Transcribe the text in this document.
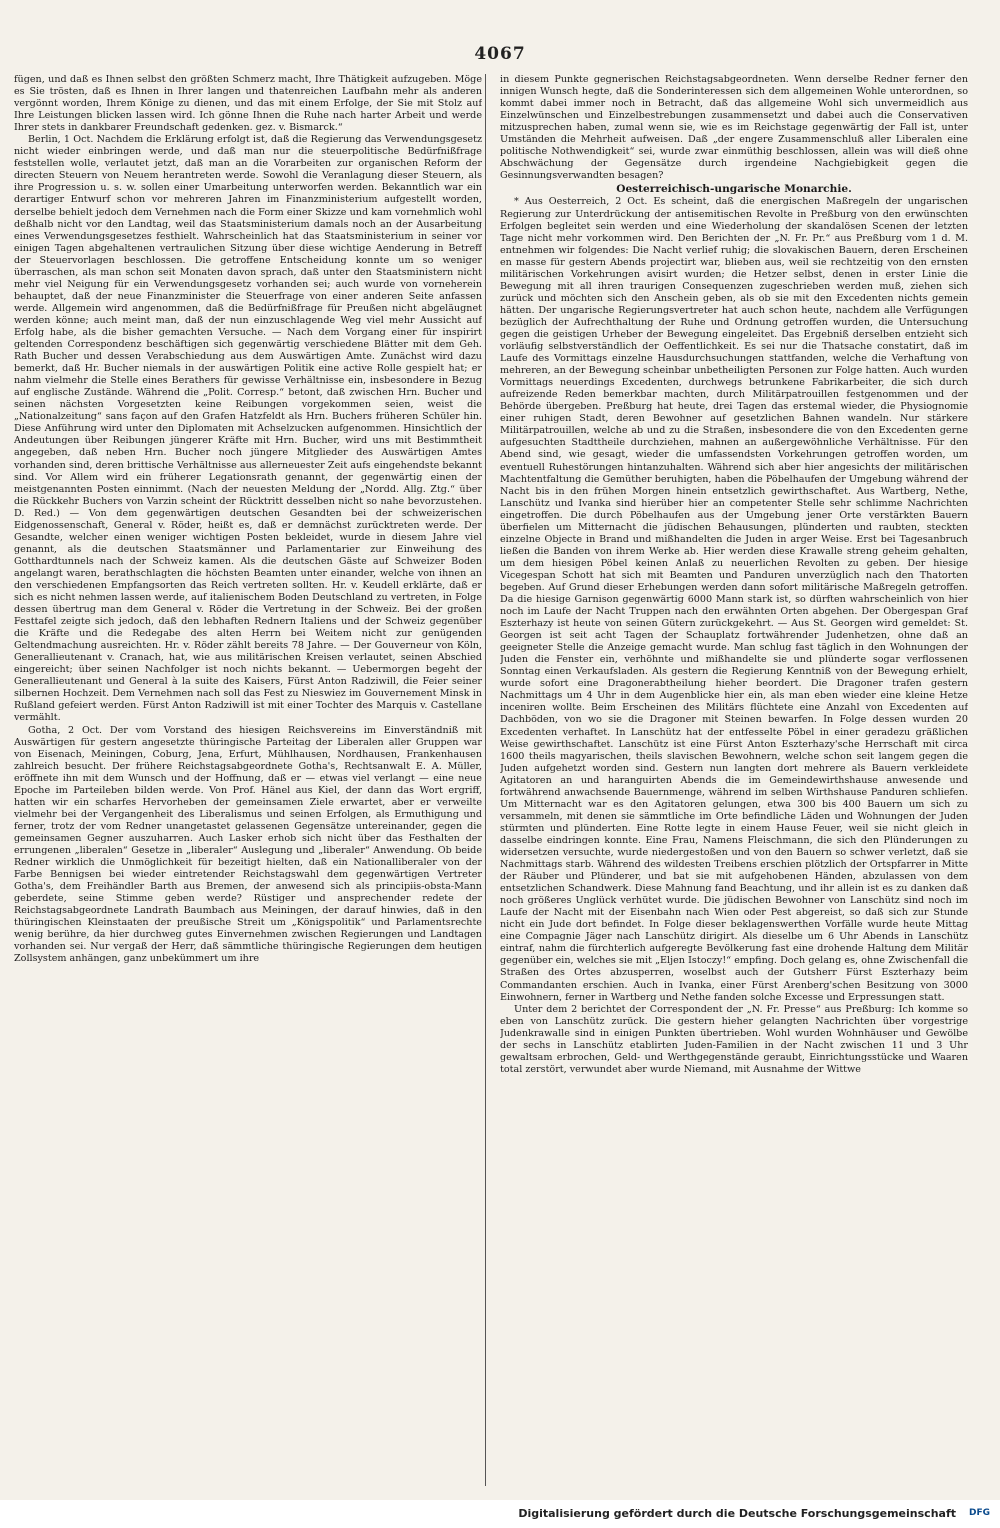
4067

fügen, und daß es Ihnen selbst den größten Schmerz macht, Ihre Thätigkeit aufzugeben. Möge es Sie trösten, daß es Ihnen in Ihrer langen und thatenreichen Laufbahn mehr als anderen vergönnt worden, Ihrem Könige zu dienen, und das mit einem Erfolge, der Sie mit Stolz auf Ihre Leistungen blicken lassen wird. Ich gönne Ihnen die Ruhe nach harter Arbeit und werde Ihrer stets in dankbarer Freundschaft gedenken. gez. v. Bismarck.“

Berlin, 1 Oct. Nachdem die Erklärung erfolgt ist, daß die Regierung das Verwendungsgesetz nicht wieder einbringen werde, und daß man nur die steuerpolitische Bedürfnißfrage feststellen wolle, verlautet jetzt, daß man an die Vorarbeiten zur organischen Reform der directen Steuern von Neuem herantreten werde. Sowohl die Veranlagung dieser Steuern, als ihre Progression u. s. w. sollen einer Umarbeitung unterworfen werden. Bekanntlich war ein derartiger Entwurf schon vor mehreren Jahren im Finanzministerium aufgestellt worden, derselbe behielt jedoch dem Vernehmen nach die Form einer Skizze und kam vornehmlich wohl deßhalb nicht vor den Landtag, weil das Staatsministerium damals noch an der Ausarbeitung eines Verwendungsgesetzes festhielt. Wahrscheinlich hat das Staatsministerium in seiner vor einigen Tagen abgehaltenen vertraulichen Sitzung über diese wichtige Aenderung in Betreff der Steuervorlagen beschlossen. Die getroffene Entscheidung konnte um so weniger überraschen, als man schon seit Monaten davon sprach, daß unter den Staatsministern nicht mehr viel Neigung für ein Verwendungsgesetz vorhanden sei; auch wurde von vorneherein behauptet, daß der neue Finanzminister die Steuerfrage von einer anderen Seite anfassen werde. Allgemein wird angenommen, daß die Bedürfnißfrage für Preußen nicht abgeläugnet werden könne; auch meint man, daß der nun einzuschlagende Weg viel mehr Aussicht auf Erfolg habe, als die bisher gemachten Versuche. — Nach dem Vorgang einer für inspirirt geltenden Correspondenz beschäftigen sich gegenwärtig verschiedene Blätter mit dem Geh. Rath Bucher und dessen Verabschiedung aus dem Auswärtigen Amte. Zunächst wird dazu bemerkt, daß Hr. Bucher niemals in der auswärtigen Politik eine active Rolle gespielt hat; er nahm vielmehr die Stelle eines Berathers für gewisse Verhältnisse ein, insbesondere in Bezug auf englische Zustände. Während die „Polit. Corresp.“ betont, daß zwischen Hrn. Bucher und seinen nächsten Vorgesetzten keine Reibungen vorgekommen seien, weist die „Nationalzeitung“ sans façon auf den Grafen Hatzfeldt als Hrn. Buchers früheren Schüler hin. Diese Anführung wird unter den Diplomaten mit Achselzucken aufgenommen. Hinsichtlich der Andeutungen über Reibungen jüngerer Kräfte mit Hrn. Bucher, wird uns mit Bestimmtheit angegeben, daß neben Hrn. Bucher noch jüngere Mitglieder des Auswärtigen Amtes vorhanden sind, deren brittische Verhältnisse aus allerneuester Zeit aufs eingehendste bekannt sind. Vor Allem wird ein früherer Legationsrath genannt, der gegenwärtig einen der meistgenannten Posten einnimmt. (Nach der neuesten Meldung der „Nordd. Allg. Ztg.“ über die Rückkehr Buchers von Varzin scheint der Rücktritt desselben nicht so nahe bevorzustehen. D. Red.) — Von dem gegenwärtigen deutschen Gesandten bei der schweizerischen Eidgenossenschaft, General v. Röder, heißt es, daß er demnächst zurücktreten werde. Der Gesandte, welcher einen weniger wichtigen Posten bekleidet, wurde in diesem Jahre viel genannt, als die deutschen Staatsmänner und Parlamentarier zur Einweihung des Gotthardtunnels nach der Schweiz kamen. Als die deutschen Gäste auf Schweizer Boden angelangt waren, berathschlagten die höchsten Beamten unter einander, welche von ihnen an den verschiedenen Empfangsorten das Reich vertreten sollten. Hr. v. Keudell erklärte, daß er sich es nicht nehmen lassen werde, auf italienischem Boden Deutschland zu vertreten, in Folge dessen übertrug man dem General v. Röder die Vertretung in der Schweiz. Bei der großen Festtafel zeigte sich jedoch, daß den lebhaften Rednern Italiens und der Schweiz gegenüber die Kräfte und die Redegabe des alten Herrn bei Weitem nicht zur genügenden Geltendmachung ausreichten. Hr. v. Röder zählt bereits 78 Jahre. — Der Gouverneur von Köln, Generallieutenant v. Cranach, hat, wie aus militärischen Kreisen verlautet, seinen Abschied eingereicht; über seinen Nachfolger ist noch nichts bekannt. — Uebermorgen begeht der Generallieutenant und General à la suite des Kaisers, Fürst Anton Radziwill, die Feier seiner silbernen Hochzeit. Dem Vernehmen nach soll das Fest zu Nieswiez im Gouvernement Minsk in Rußland gefeiert werden. Fürst Anton Radziwill ist mit einer Tochter des Marquis v. Castellane vermählt.

Gotha, 2 Oct. Der vom Vorstand des hiesigen Reichsvereins im Einverständniß mit Auswärtigen für gestern angesetzte thüringische Parteitag der Liberalen aller Gruppen war von Eisenach, Meiningen, Coburg, Jena, Erfurt, Mühlhausen, Nordhausen, Frankenhausen zahlreich besucht. Der frühere Reichstagsabgeordnete Gotha's, Rechtsanwalt E. A. Müller, eröffnete ihn mit dem Wunsch und der Hoffnung, daß er — etwas viel verlangt — eine neue Epoche im Parteileben bilden werde. Von Prof. Hänel aus Kiel, der dann das Wort ergriff, hatten wir ein scharfes Hervorheben der gemeinsamen Ziele erwartet, aber er verweilte vielmehr bei der Vergangenheit des Liberalismus und seinen Erfolgen, als Ermuthigung und ferner, trotz der vom Redner unangetastet gelassenen Gegensätze untereinander, gegen die gemeinsamen Gegner auszuharren. Auch Lasker erhob sich nicht über das Festhalten der errungenen „liberalen“ Gesetze in „liberaler“ Auslegung und „liberaler“ Anwendung. Ob beide Redner wirklich die Unmöglichkeit für bezeitigt hielten, daß ein Nationalliberaler von der Farbe Bennigsen bei wieder eintretender Reichstagswahl dem gegenwärtigen Vertreter Gotha's, dem Freihändler Barth aus Bremen, der anwesend sich als principiis-obsta-Mann geberdete, seine Stimme geben werde? Rüstiger und ansprechender redete der Reichstagsabgeordnete Landrath Baumbach aus Meiningen, der darauf hinwies, daß in den thüringischen Kleinstaaten der preußische Streit um „Königspolitik“ und Parlamentsrechte wenig berühre, da hier durchweg gutes Einvernehmen zwischen Regierungen und Landtagen vorhanden sei. Nur vergaß der Herr, daß sämmtliche thüringische Regierungen dem heutigen Zollsystem anhängen, ganz unbekümmert um ihre

in diesem Punkte gegnerischen Reichstagsabgeordneten. Wenn derselbe Redner ferner den innigen Wunsch hegte, daß die Sonderinteressen sich dem allgemeinen Wohle unterordnen, so kommt dabei immer noch in Betracht, daß das allgemeine Wohl sich unvermeidlich aus Einzelwünschen und Einzelbestrebungen zusammensetzt und dabei auch die Conservativen mitzusprechen haben, zumal wenn sie, wie es im Reichstage gegenwärtig der Fall ist, unter Umständen die Mehrheit aufweisen. Daß „der engere Zusammenschluß aller Liberalen eine politische Nothwendigkeit“ sei, wurde zwar einmüthig beschlossen, allein was will dieß ohne Abschwächung der Gegensätze durch irgendeine Nachgiebigkeit gegen die Gesinnungsverwandten besagen?

Oesterreichisch-ungarische Monarchie.

* Aus Oesterreich, 2 Oct. Es scheint, daß die energischen Maßregeln der ungarischen Regierung zur Unterdrückung der antisemitischen Revolte in Preßburg von den erwünschten Erfolgen begleitet sein werden und eine Wiederholung der skandalösen Scenen der letzten Tage nicht mehr vorkommen wird. Den Berichten der „N. Fr. Pr.“ aus Preßburg vom 1 d. M. entnehmen wir folgendes: Die Nacht verlief ruhig; die slovakischen Bauern, deren Erscheinen en masse für gestern Abends projectirt war, blieben aus, weil sie rechtzeitig von den ernsten militärischen Vorkehrungen avisirt wurden; die Hetzer selbst, denen in erster Linie die Bewegung mit all ihren traurigen Consequenzen zugeschrieben werden muß, ziehen sich zurück und möchten sich den Anschein geben, als ob sie mit den Excedenten nichts gemein hätten. Der ungarische Regierungsvertreter hat auch schon heute, nachdem alle Verfügungen bezüglich der Aufrechthaltung der Ruhe und Ordnung getroffen wurden, die Untersuchung gegen die geistigen Urheber der Bewegung eingeleitet. Das Ergebniß derselben entzieht sich vorläufig selbstverständlich der Oeffentlichkeit. Es sei nur die Thatsache constatirt, daß im Laufe des Vormittags einzelne Hausdurchsuchungen stattfanden, welche die Verhaftung von mehreren, an der Bewegung scheinbar unbetheiligten Personen zur Folge hatten. Auch wurden Vormittags neuerdings Excedenten, durchwegs betrunkene Fabrikarbeiter, die sich durch aufreizende Reden bemerkbar machten, durch Militärpatrouillen festgenommen und der Behörde übergeben. Preßburg hat heute, drei Tagen das erstemal wieder, die Physiognomie einer ruhigen Stadt, deren Bewohner auf gesetzlichen Bahnen wandeln. Nur stärkere Militärpatrouillen, welche ab und zu die Straßen, insbesondere die von den Excedenten gerne aufgesuchten Stadttheile durchziehen, mahnen an außergewöhnliche Verhältnisse. Für den Abend sind, wie gesagt, wieder die umfassendsten Vorkehrungen getroffen worden, um eventuell Ruhestörungen hintanzuhalten. Während sich aber hier angesichts der militärischen Machtentfaltung die Gemüther beruhigten, haben die Pöbelhaufen der Umgebung während der Nacht bis in den frühen Morgen hinein entsetzlich gewirthschaftet. Aus Wartberg, Nethe, Lanschütz und Ivanka sind hierüber hier an competenter Stelle sehr schlimme Nachrichten eingetroffen. Die durch Pöbelhaufen aus der Umgebung jener Orte verstärkten Bauern überfielen um Mitternacht die jüdischen Behausungen, plünderten und raubten, steckten einzelne Objecte in Brand und mißhandelten die Juden in arger Weise. Erst bei Tagesanbruch ließen die Banden von ihrem Werke ab. Hier werden diese Krawalle streng geheim gehalten, um dem hiesigen Pöbel keinen Anlaß zu neuerlichen Revolten zu geben. Der hiesige Vicegespan Schott hat sich mit Beamten und Panduren unverzüglich nach den Thatorten begeben. Auf Grund dieser Erhebungen werden dann sofort militärische Maßregeln getroffen. Da die hiesige Garnison gegenwärtig 6000 Mann stark ist, so dürften wahrscheinlich von hier noch im Laufe der Nacht Truppen nach den erwähnten Orten abgehen. Der Obergespan Graf Eszterhazy ist heute von seinen Gütern zurückgekehrt. — Aus St. Georgen wird gemeldet: St. Georgen ist seit acht Tagen der Schauplatz fortwährender Judenhetzen, ohne daß an geeigneter Stelle die Anzeige gemacht wurde. Man schlug fast täglich in den Wohnungen der Juden die Fenster ein, verhöhnte und mißhandelte sie und plünderte sogar verflossenen Sonntag einen Verkaufsladen. Als gestern die Regierung Kenntniß von der Bewegung erhielt, wurde sofort eine Dragonerabtheilung hieher beordert. Die Dragoner trafen gestern Nachmittags um 4 Uhr in dem Augenblicke hier ein, als man eben wieder eine kleine Hetze inceniren wollte. Beim Erscheinen des Militärs flüchtete eine Anzahl von Excedenten auf Dachböden, von wo sie die Dragoner mit Steinen bewarfen. In Folge dessen wurden 20 Excedenten verhaftet. In Lanschütz hat der entfesselte Pöbel in einer geradezu gräßlichen Weise gewirthschaftet. Lanschütz ist eine Fürst Anton Eszterhazy'sche Herrschaft mit circa 1600 theils magyarischen, theils slavischen Bewohnern, welche schon seit langem gegen die Juden aufgehetzt worden sind. Gestern nun langten dort mehrere als Bauern verkleidete Agitatoren an und haranguirten Abends die im Gemeindewirthshause anwesende und fortwährend anwachsende Bauernmenge, während im selben Wirthshause Panduren schliefen. Um Mitternacht war es den Agitatoren gelungen, etwa 300 bis 400 Bauern um sich zu versammeln, mit denen sie sämmtliche im Orte befindliche Läden und Wohnungen der Juden stürmten und plünderten. Eine Rotte legte in einem Hause Feuer, weil sie nicht gleich in dasselbe eindringen konnte. Eine Frau, Namens Fleischmann, die sich den Plünderungen zu widersetzen versuchte, wurde niedergestoßen und von den Bauern so schwer verletzt, daß sie Nachmittags starb. Während des wildesten Treibens erschien plötzlich der Ortspfarrer in Mitte der Räuber und Plünderer, und bat sie mit aufgehobenen Händen, abzulassen von dem entsetzlichen Schandwerk. Diese Mahnung fand Beachtung, und ihr allein ist es zu danken daß noch größeres Unglück verhütet wurde. Die jüdischen Bewohner von Lanschütz sind noch im Laufe der Nacht mit der Eisenbahn nach Wien oder Pest abgereist, so daß sich zur Stunde nicht ein Jude dort befindet. In Folge dieser beklagenswerthen Vorfälle wurde heute Mittag eine Compagnie Jäger nach Lanschütz dirigirt. Als dieselbe um 6 Uhr Abends in Lanschütz eintraf, nahm die fürchterlich aufgeregte Bevölkerung fast eine drohende Haltung dem Militär gegenüber ein, welches sie mit „Eljen Istoczy!“ empfing. Doch gelang es, ohne Zwischenfall die Straßen des Ortes abzusperren, woselbst auch der Gutsherr Fürst Eszterhazy beim Commandanten erschien. Auch in Ivanka, einer Fürst Arenberg'schen Besitzung von 3000 Einwohnern, ferner in Wartberg und Nethe fanden solche Excesse und Erpressungen statt.

Unter dem 2 berichtet der Correspondent der „N. Fr. Presse“ aus Preßburg: Ich komme so eben von Lanschütz zurück. Die gestern hieher gelangten Nachrichten über vorgestrige Judenkrawalle sind in einigen Punkten übertrieben. Wohl wurden Wohnhäuser und Gewölbe der sechs in Lanschütz etablirten Juden-Familien in der Nacht zwischen 11 und 3 Uhr gewaltsam erbrochen, Geld- und Werthgegenstände geraubt, Einrichtungsstücke und Waaren total zerstört, verwundet aber wurde Niemand, mit Ausnahme der Wittwe

Digitalisierung gefördert durch die Deutsche Forschungsgemeinschaft	DFG
